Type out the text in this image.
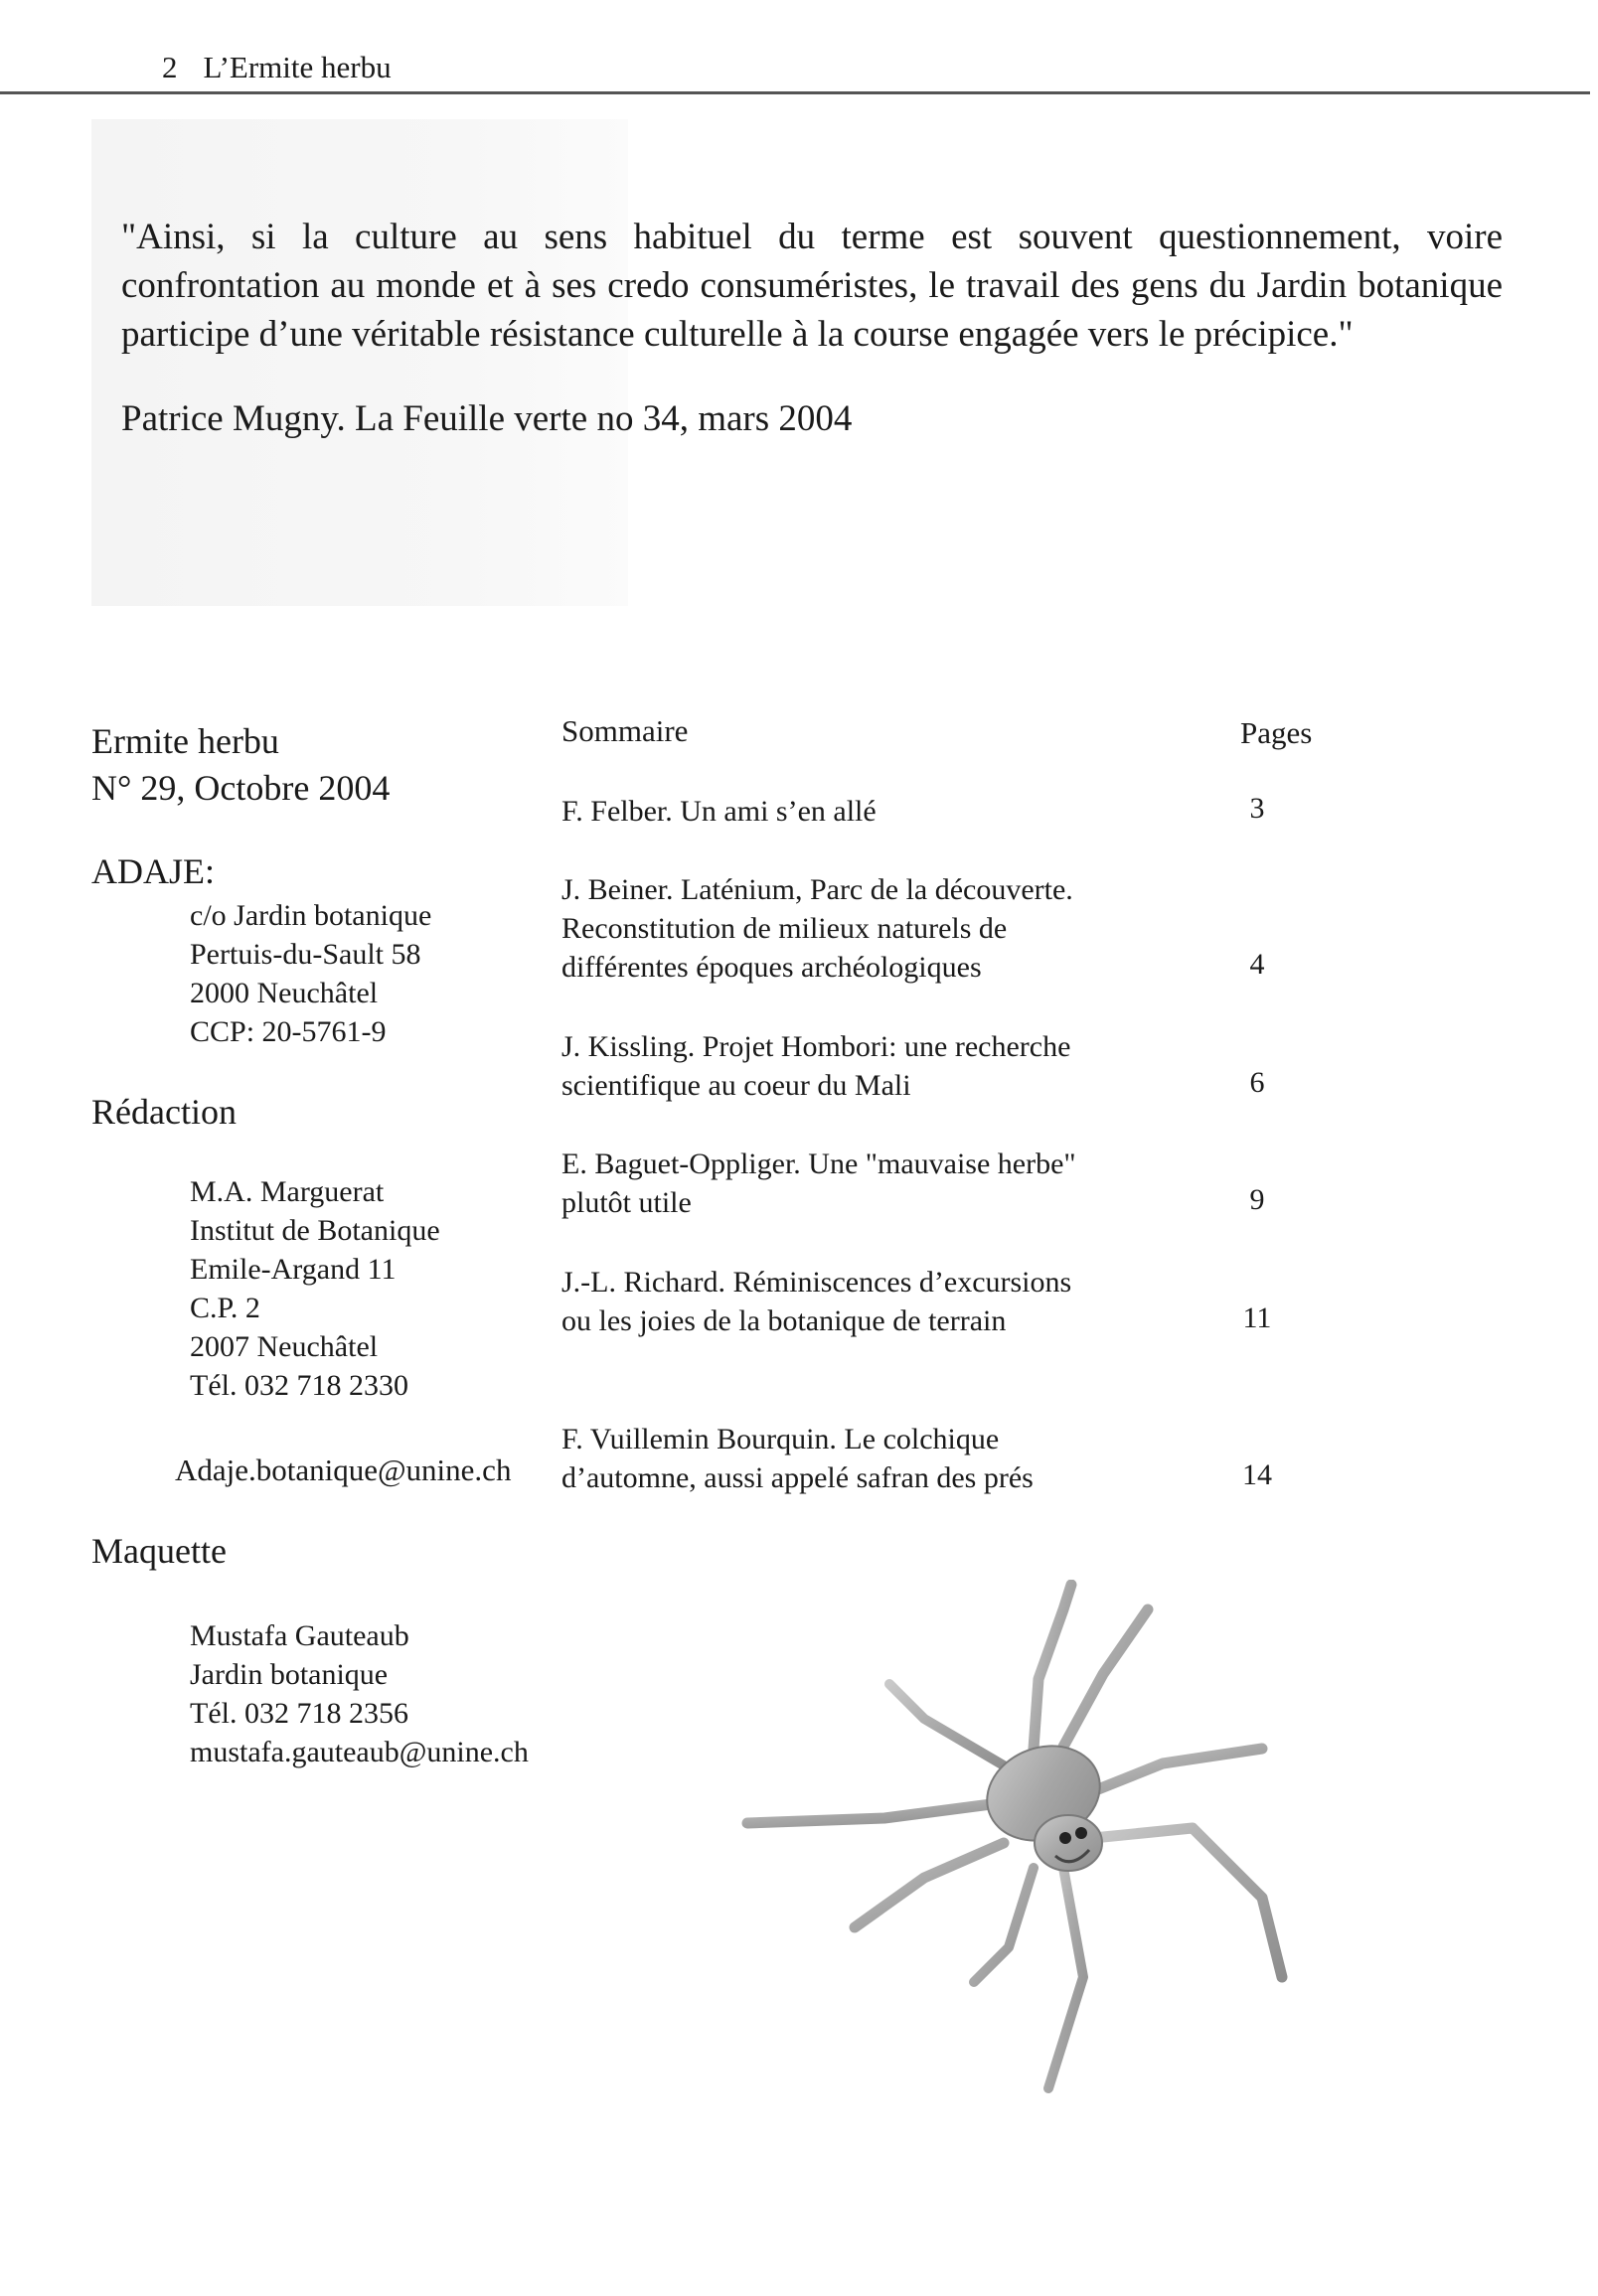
2 L’Ermite herbu
"Ainsi, si la culture au sens habituel du terme est souvent questionnement, voire confrontation au monde et à ses credo consuméristes, le travail des gens du Jardin botanique participe d’une véritable résistance culturelle à la course engagée vers le précipice."
Patrice Mugny. La Feuille verte no 34, mars 2004
Ermite herbu
N° 29, Octobre 2004
ADAJE:
c/o Jardin botanique
Pertuis-du-Sault 58
2000 Neuchâtel
CCP: 20-5761-9
Rédaction
M.A. Marguerat
Institut de Botanique
Emile-Argand 11
C.P. 2
2007 Neuchâtel
Tél. 032 718 2330
Adaje.botanique@unine.ch
Maquette
Mustafa Gauteaub
Jardin botanique
Tél. 032 718 2356
mustafa.gauteaub@unine.ch
Sommaire	Pages
F. Felber. Un ami s’en allé	3
J. Beiner. Laténium, Parc de la découverte.
Reconstitution de milieux naturels de
différentes époques archéologiques	4
J. Kissling. Projet Hombori: une recherche
scientifique au coeur du Mali	6
E. Baguet-Oppliger. Une "mauvaise herbe"
plutôt utile	9
J.-L. Richard. Réminiscences d’excursions
ou les joies de la botanique de terrain	11
F. Vuillemin Bourquin. Le colchique
d’automne, aussi appelé safran des prés	14
